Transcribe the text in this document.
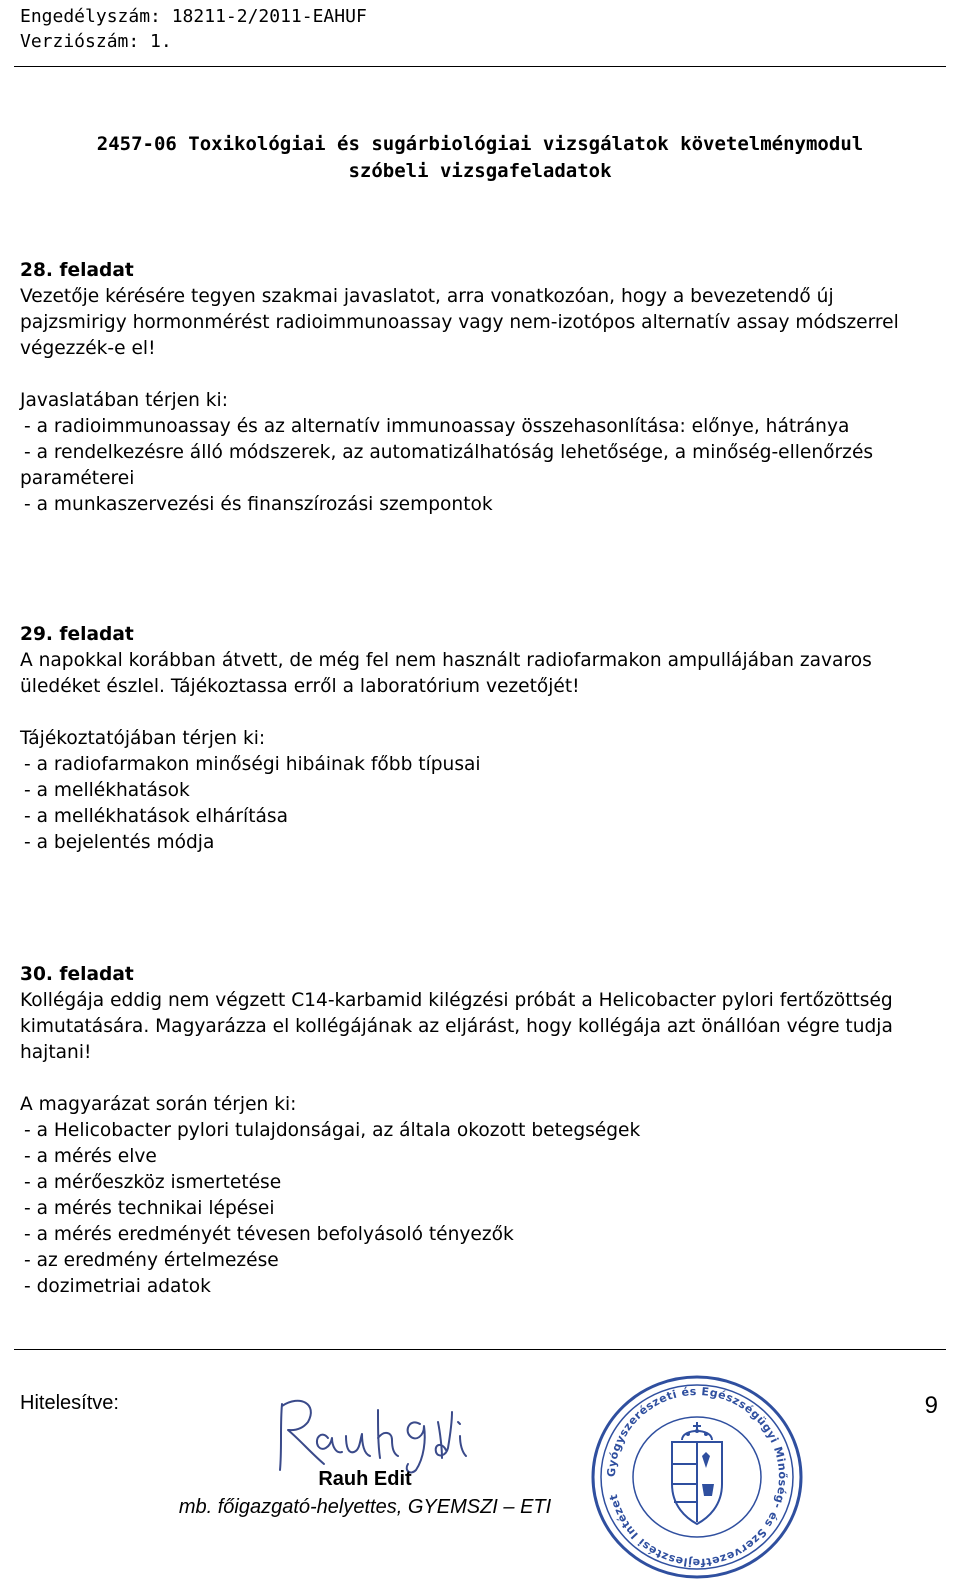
Engedélyszám: 18211-2/2011-EAHUF
Verziószám: 1.
2457-06 Toxikológiai és sugárbiológiai vizsgálatok követelménymodul
szóbeli vizsgafeladatok
28. feladat
Vezetője kérésére tegyen szakmai javaslatot, arra vonatkozóan, hogy a bevezetendő új
pajzsmirigy hormonmérést radioimmunoassay vagy nem-izotópos alternatív assay módszerrel
végezzék-e el!
Javaslatában térjen ki:
- a radioimmunoassay és az alternatív immunoassay összehasonlítása: előnye, hátránya
- a rendelkezésre álló módszerek, az automatizálhatóság lehetősége, a minőség-ellenőrzés
paraméterei
- a munkaszervezési és finanszírozási szempontok
29. feladat
A napokkal korábban átvett, de még fel nem használt radiofarmakon ampullájában zavaros
üledéket észlel. Tájékoztassa erről a laboratórium vezetőjét!
Tájékoztatójában térjen ki:
- a radiofarmakon minőségi hibáinak főbb típusai
- a mellékhatások
- a mellékhatások elhárítása
- a bejelentés módja
30. feladat
Kollégája eddig nem végzett C14-karbamid kilégzési próbát a Helicobacter pylori fertőzöttség
kimutatására. Magyarázza el kollégájának az eljárást, hogy kollégája azt önállóan végre tudja
hajtani!
A magyarázat során térjen ki:
- a Helicobacter pylori tulajdonságai, az általa okozott betegségek
- a mérés elve
- a mérőeszköz ismertetése
- a mérés technikai lépései
- a mérés eredményét tévesen befolyásoló tényezők
- az eredmény értelmezése
- dozimetriai adatok
9
Hitelesítve:
Rauh Edit
mb. főigazgató-helyettes, GYEMSZI – ETI
Gyógyszerészeti és Egészségügyi Minőség- és Szervezetfejlesztési Intézet
